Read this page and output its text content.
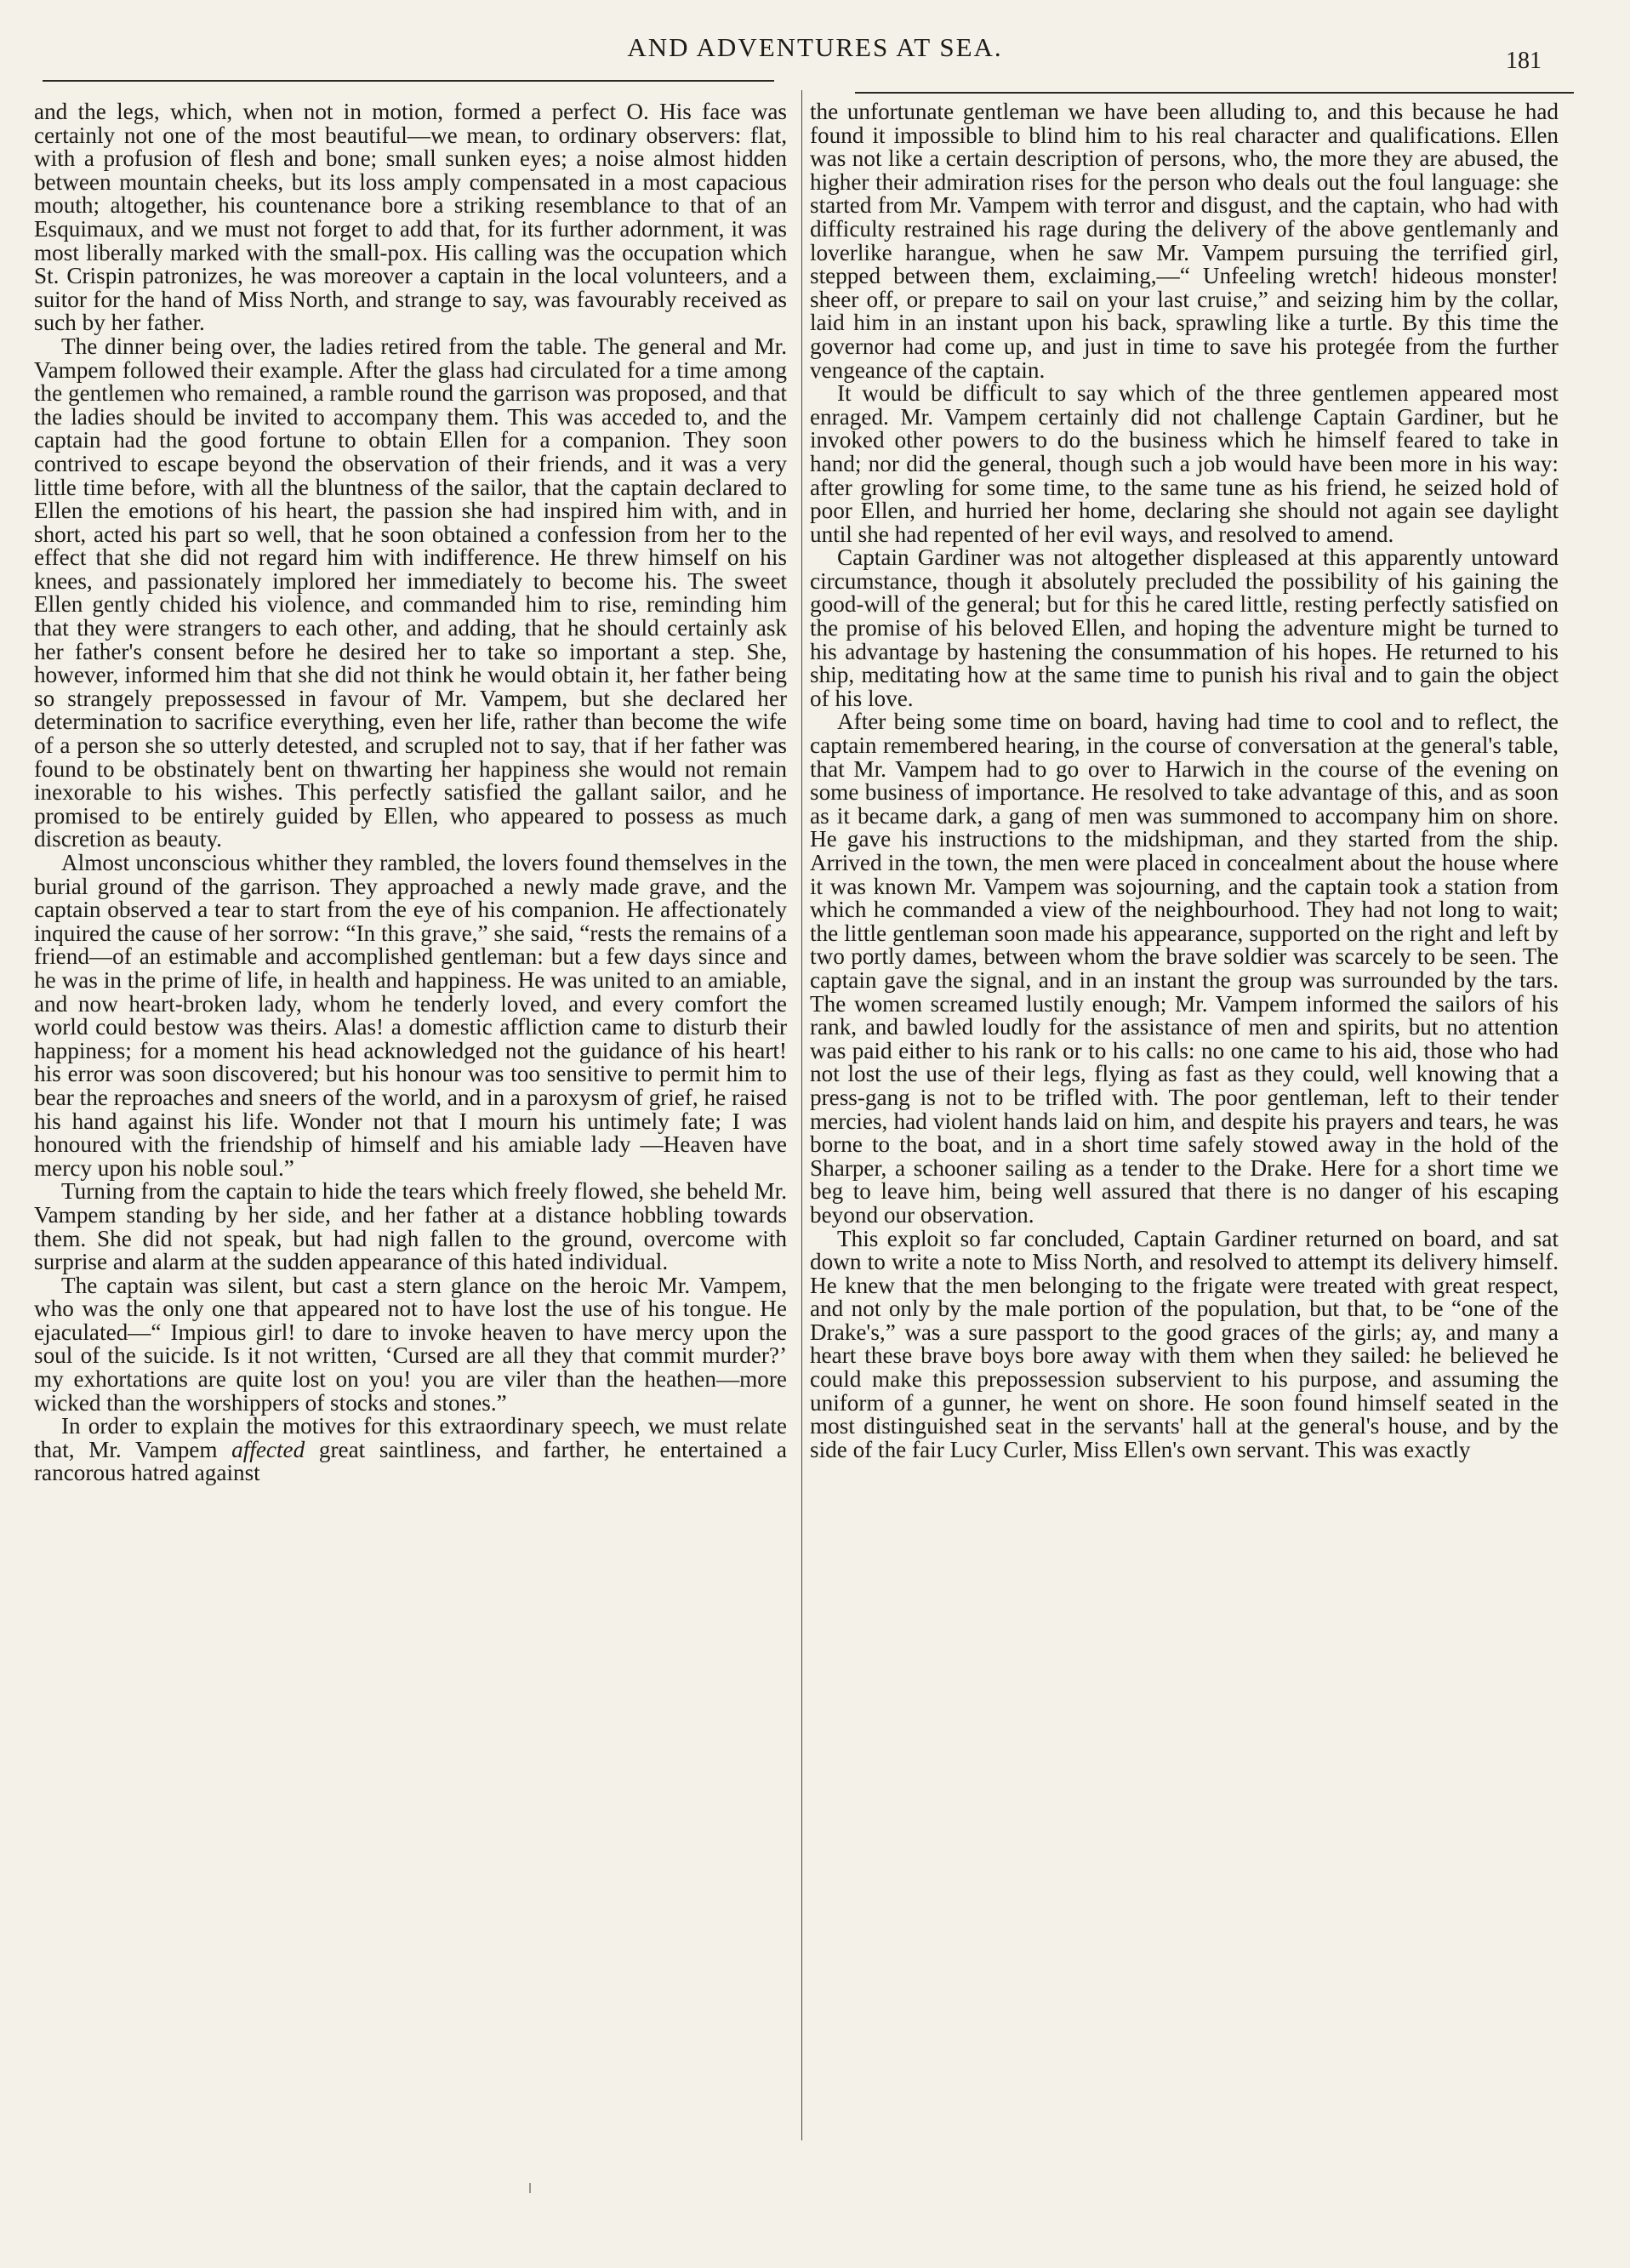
AND ADVENTURES AT SEA.	181

and the legs, which, when not in motion, formed a perfect O. His face was certainly not one of the most beautiful—we mean, to ordinary observers: flat, with a profusion of flesh and bone; small sunken eyes; a noise almost hidden between mountain cheeks, but its loss amply compensated in a most capacious mouth; altogether, his countenance bore a striking resemblance to that of an Esquimaux, and we must not forget to add that, for its further adornment, it was most liberally marked with the small-pox. His calling was the occupation which St. Crispin patronizes, he was moreover a captain in the local volunteers, and a suitor for the hand of Miss North, and strange to say, was favourably received as such by her father.

The dinner being over, the ladies retired from the table. The general and Mr. Vampem followed their example. After the glass had circulated for a time among the gentlemen who remained, a ramble round the garrison was proposed, and that the ladies should be invited to accompany them. This was acceded to, and the captain had the good fortune to obtain Ellen for a companion. They soon contrived to escape beyond the observation of their friends, and it was a very little time before, with all the bluntness of the sailor, that the captain declared to Ellen the emotions of his heart, the passion she had inspired him with, and in short, acted his part so well, that he soon obtained a confession from her to the effect that she did not regard him with indifference. He threw himself on his knees, and passionately implored her immediately to become his. The sweet Ellen gently chided his violence, and commanded him to rise, reminding him that they were strangers to each other, and adding, that he should certainly ask her father's consent before he desired her to take so important a step. She, however, informed him that she did not think he would obtain it, her father being so strangely prepossessed in favour of Mr. Vampem, but she declared her determination to sacrifice everything, even her life, rather than become the wife of a person she so utterly detested, and scrupled not to say, that if her father was found to be obstinately bent on thwarting her happiness she would not remain inexorable to his wishes. This perfectly satisfied the gallant sailor, and he promised to be entirely guided by Ellen, who appeared to possess as much discretion as beauty.

Almost unconscious whither they rambled, the lovers found themselves in the burial ground of the garrison. They approached a newly made grave, and the captain observed a tear to start from the eye of his companion. He affectionately inquired the cause of her sorrow: “In this grave,” she said, “rests the remains of a friend—of an estimable and accomplished gentleman: but a few days since and he was in the prime of life, in health and happiness. He was united to an amiable, and now heart-broken lady, whom he tenderly loved, and every comfort the world could bestow was theirs. Alas! a domestic affliction came to disturb their happiness; for a moment his head acknowledged not the guidance of his heart! his error was soon discovered; but his honour was too sensitive to permit him to bear the reproaches and sneers of the world, and in a paroxysm of grief, he raised his hand against his life. Wonder not that I mourn his untimely fate; I was honoured with the friendship of himself and his amiable lady —Heaven have mercy upon his noble soul.”

Turning from the captain to hide the tears which freely flowed, she beheld Mr. Vampem standing by her side, and her father at a distance hobbling towards them. She did not speak, but had nigh fallen to the ground, overcome with surprise and alarm at the sudden appearance of this hated individual.

The captain was silent, but cast a stern glance on the heroic Mr. Vampem, who was the only one that appeared not to have lost the use of his tongue. He ejaculated—“ Impious girl! to dare to invoke heaven to have mercy upon the soul of the suicide. Is it not written, ‘Cursed are all they that commit murder?’ my exhortations are quite lost on you! you are viler than the heathen—more wicked than the worshippers of stocks and stones.”

In order to explain the motives for this extraordinary speech, we must relate that, Mr. Vampem affected great saintliness, and farther, he entertained a rancorous hatred against

the unfortunate gentleman we have been alluding to, and this because he had found it impossible to blind him to his real character and qualifications. Ellen was not like a certain description of persons, who, the more they are abused, the higher their admiration rises for the person who deals out the foul language: she started from Mr. Vampem with terror and disgust, and the captain, who had with difficulty restrained his rage during the delivery of the above gentlemanly and loverlike harangue, when he saw Mr. Vampem pursuing the terrified girl, stepped between them, exclaiming,—“ Unfeeling wretch! hideous monster! sheer off, or prepare to sail on your last cruise,” and seizing him by the collar, laid him in an instant upon his back, sprawling like a turtle. By this time the governor had come up, and just in time to save his protegée from the further vengeance of the captain.

It would be difficult to say which of the three gentlemen appeared most enraged. Mr. Vampem certainly did not challenge Captain Gardiner, but he invoked other powers to do the business which he himself feared to take in hand; nor did the general, though such a job would have been more in his way: after growling for some time, to the same tune as his friend, he seized hold of poor Ellen, and hurried her home, declaring she should not again see daylight until she had repented of her evil ways, and resolved to amend.

Captain Gardiner was not altogether displeased at this apparently untoward circumstance, though it absolutely precluded the possibility of his gaining the good-will of the general; but for this he cared little, resting perfectly satisfied on the promise of his beloved Ellen, and hoping the adventure might be turned to his advantage by hastening the consummation of his hopes. He returned to his ship, meditating how at the same time to punish his rival and to gain the object of his love.

After being some time on board, having had time to cool and to reflect, the captain remembered hearing, in the course of conversation at the general's table, that Mr. Vampem had to go over to Harwich in the course of the evening on some business of importance. He resolved to take advantage of this, and as soon as it became dark, a gang of men was summoned to accompany him on shore. He gave his instructions to the midshipman, and they started from the ship. Arrived in the town, the men were placed in concealment about the house where it was known Mr. Vampem was sojourning, and the captain took a station from which he commanded a view of the neighbourhood. They had not long to wait; the little gentleman soon made his appearance, supported on the right and left by two portly dames, between whom the brave soldier was scarcely to be seen. The captain gave the signal, and in an instant the group was surrounded by the tars. The women screamed lustily enough; Mr. Vampem informed the sailors of his rank, and bawled loudly for the assistance of men and spirits, but no attention was paid either to his rank or to his calls: no one came to his aid, those who had not lost the use of their legs, flying as fast as they could, well knowing that a press-gang is not to be trifled with. The poor gentleman, left to their tender mercies, had violent hands laid on him, and despite his prayers and tears, he was borne to the boat, and in a short time safely stowed away in the hold of the Sharper, a schooner sailing as a tender to the Drake. Here for a short time we beg to leave him, being well assured that there is no danger of his escaping beyond our observation.

This exploit so far concluded, Captain Gardiner returned on board, and sat down to write a note to Miss North, and resolved to attempt its delivery himself. He knew that the men belonging to the frigate were treated with great respect, and not only by the male portion of the population, but that, to be “one of the Drake's,” was a sure passport to the good graces of the girls; ay, and many a heart these brave boys bore away with them when they sailed: he believed he could make this prepossession subservient to his purpose, and assuming the uniform of a gunner, he went on shore. He soon found himself seated in the most distinguished seat in the servants' hall at the general's house, and by the side of the fair Lucy Curler, Miss Ellen's own servant. This was exactly
